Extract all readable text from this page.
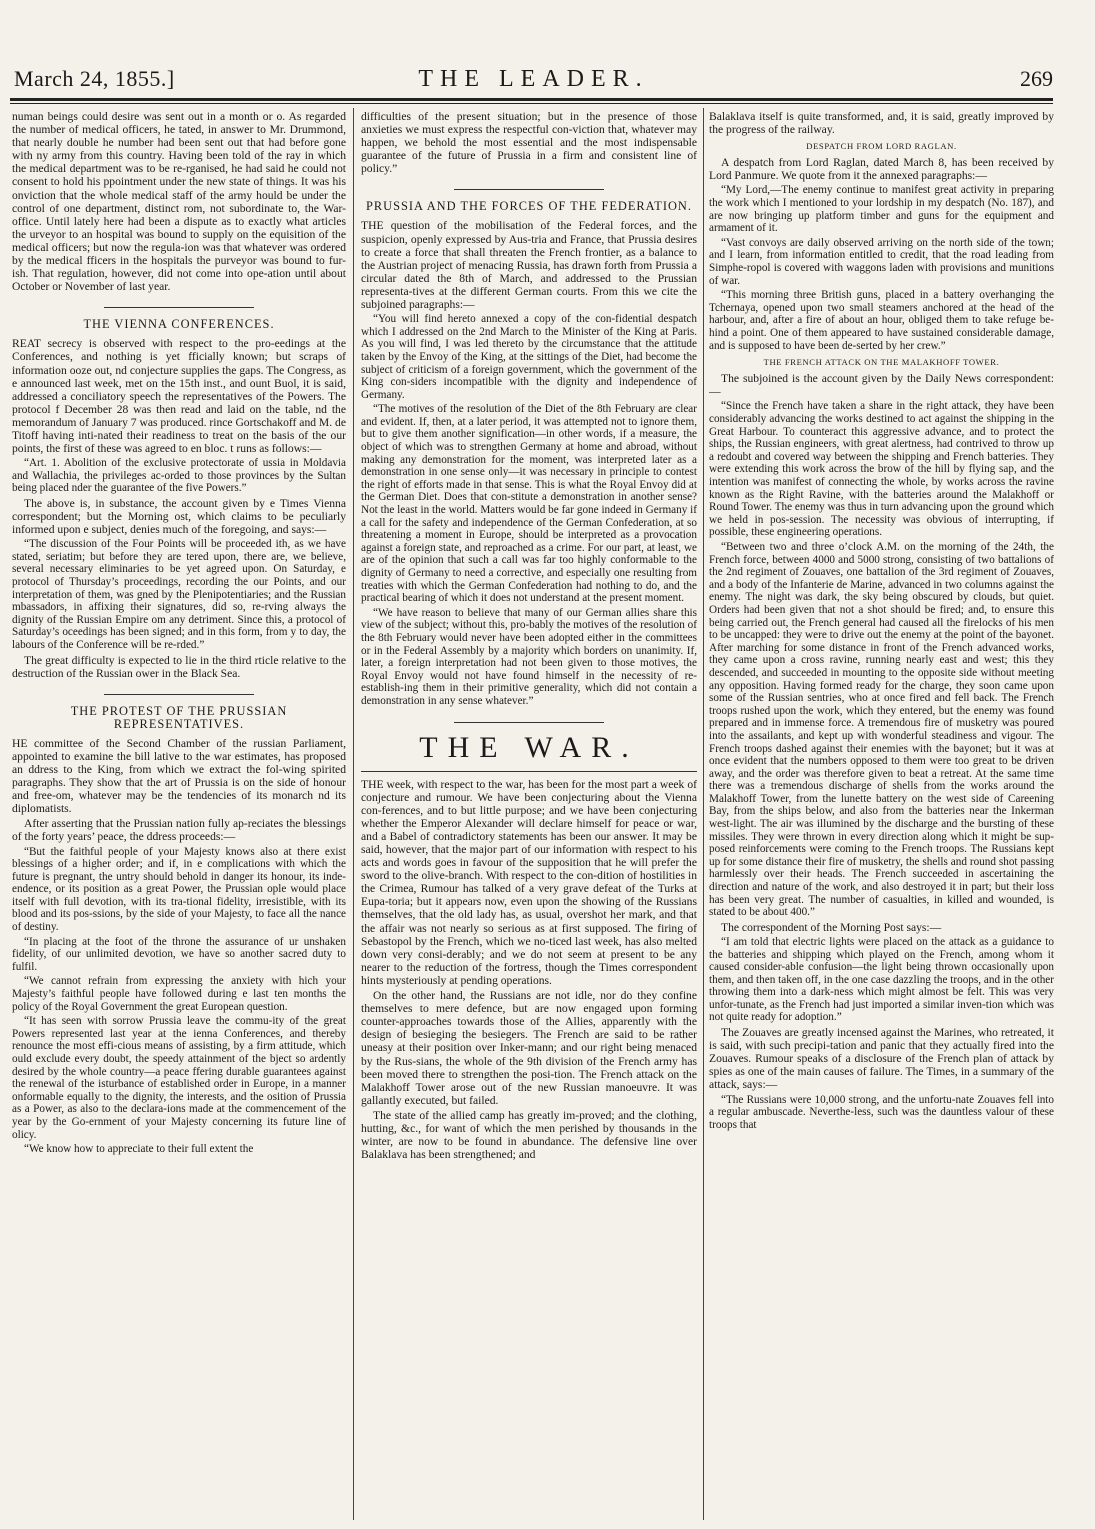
March 24, 1855.]	THE LEADER.	269

numan beings could desire was sent out in a month or o. As regarded the number of medical officers, he tated, in answer to Mr. Drummond, that nearly double he number had been sent out that had before gone with ny army from this country. Having been told of the ray in which the medical department was to be re-rganised, he had said he could not consent to hold his ppointment under the new state of things. It was his onviction that the whole medical staff of the army hould be under the control of one department, distinct rom, not subordinate to, the War-office. Until lately here had been a dispute as to exactly what articles the urveyor to an hospital was bound to supply on the equisition of the medical officers; but now the regula-ion was that whatever was ordered by the medical fficers in the hospitals the purveyor was bound to fur-ish. That regulation, however, did not come into ope-ation until about October or November of last year.

THE VIENNA CONFERENCES.

REAT secrecy is observed with respect to the pro-eedings at the Conferences, and nothing is yet fficially known; but scraps of information ooze out, nd conjecture supplies the gaps. The Congress, as e announced last week, met on the 15th inst., and ount Buol, it is said, addressed a conciliatory speech the representatives of the Powers. The protocol f December 28 was then read and laid on the table, nd the memorandum of January 7 was produced. rince Gortschakoff and M. de Titoff having inti-nated their readiness to treat on the basis of the our points, the first of these was agreed to en bloc. t runs as follows:—

“Art. 1. Abolition of the exclusive protectorate of ussia in Moldavia and Wallachia, the privileges ac-orded to those provinces by the Sultan being placed nder the guarantee of the five Powers.”

The above is, in substance, the account given by e Times Vienna correspondent; but the Morning ost, which claims to be peculiarly informed upon e subject, denies much of the foregoing, and says:—

“The discussion of the Four Points will be proceeded ith, as we have stated, seriatim; but before they are tered upon, there are, we believe, several necessary eliminaries to be yet agreed upon. On Saturday, e protocol of Thursday’s proceedings, recording the our Points, and our interpretation of them, was gned by the Plenipotentiaries; and the Russian mbassadors, in affixing their signatures, did so, re-rving always the dignity of the Russian Empire om any detriment. Since this, a protocol of Saturday’s oceedings has been signed; and in this form, from y to day, the labours of the Conference will be re-rded.”

The great difficulty is expected to lie in the third rticle relative to the destruction of the Russian ower in the Black Sea.

THE PROTEST OF THE PRUSSIAN REPRESENTATIVES.

HE committee of the Second Chamber of the russian Parliament, appointed to examine the bill lative to the war estimates, has proposed an ddress to the King, from which we extract the fol-wing spirited paragraphs. They show that the art of Prussia is on the side of honour and free-om, whatever may be the tendencies of its monarch nd its diplomatists.

After asserting that the Prussian nation fully ap-reciates the blessings of the forty years’ peace, the ddress proceeds:—

“But the faithful people of your Majesty knows also at there exist blessings of a higher order; and if, in e complications with which the future is pregnant, the untry should behold in danger its honour, its inde-endence, or its position as a great Power, the Prussian ople would place itself with full devotion, with its tra-tional fidelity, irresistible, with its blood and its pos-ssions, by the side of your Majesty, to face all the nance of destiny.

“In placing at the foot of the throne the assurance of ur unshaken fidelity, of our unlimited devotion, we have so another sacred duty to fulfil.

“We cannot refrain from expressing the anxiety with hich your Majesty’s faithful people have followed during e last ten months the policy of the Royal Government the great European question.

“It has seen with sorrow Prussia leave the commu-ity of the great Powers represented last year at the ienna Conferences, and thereby renounce the most effi-cious means of assisting, by a firm attitude, which ould exclude every doubt, the speedy attainment of the bject so ardently desired by the whole country—a peace ffering durable guarantees against the renewal of the isturbance of established order in Europe, in a manner onformable equally to the dignity, the interests, and the osition of Prussia as a Power, as also to the declara-ions made at the commencement of the year by the Go-ernment of your Majesty concerning its future line of olicy.

“We know how to appreciate to their full extent the

difficulties of the present situation; but in the presence of those anxieties we must express the respectful con-viction that, whatever may happen, we behold the most essential and the most indispensable guarantee of the future of Prussia in a firm and consistent line of policy.”

PRUSSIA AND THE FORCES OF THE FEDERATION.

THE question of the mobilisation of the Federal forces, and the suspicion, openly expressed by Aus-tria and France, that Prussia desires to create a force that shall threaten the French frontier, as a balance to the Austrian project of menacing Russia, has drawn forth from Prussia a circular dated the 8th of March, and addressed to the Prussian representa-tives at the different German courts. From this we cite the subjoined paragraphs:—

“You will find hereto annexed a copy of the con-fidential despatch which I addressed on the 2nd March to the Minister of the King at Paris. As you will find, I was led thereto by the circumstance that the attitude taken by the Envoy of the King, at the sittings of the Diet, had become the subject of criticism of a foreign government, which the government of the King con-siders incompatible with the dignity and independence of Germany.

“The motives of the resolution of the Diet of the 8th February are clear and evident. If, then, at a later period, it was attempted not to ignore them, but to give them another signification—in other words, if a measure, the object of which was to strengthen Germany at home and abroad, without making any demonstration for the moment, was interpreted later as a demonstration in one sense only—it was necessary in principle to contest the right of efforts made in that sense. This is what the Royal Envoy did at the German Diet. Does that con-stitute a demonstration in another sense? Not the least in the world. Matters would be far gone indeed in Germany if a call for the safety and independence of the German Confederation, at so threatening a moment in Europe, should be interpreted as a provocation against a foreign state, and reproached as a crime. For our part, at least, we are of the opinion that such a call was far too highly conformable to the dignity of Germany to need a corrective, and especially one resulting from treaties with which the German Confederation had nothing to do, and the practical bearing of which it does not understand at the present moment.

“We have reason to believe that many of our German allies share this view of the subject; without this, pro-bably the motives of the resolution of the 8th February would never have been adopted either in the committees or in the Federal Assembly by a majority which borders on unanimity. If, later, a foreign interpretation had not been given to those motives, the Royal Envoy would not have found himself in the necessity of re-establish-ing them in their primitive generality, which did not contain a demonstration in any sense whatever.”

THE WAR.

THE week, with respect to the war, has been for the most part a week of conjecture and rumour. We have been conjecturing about the Vienna con-ferences, and to but little purpose; and we have been conjecturing whether the Emperor Alexander will declare himself for peace or war, and a Babel of contradictory statements has been our answer. It may be said, however, that the major part of our information with respect to his acts and words goes in favour of the supposition that he will prefer the sword to the olive-branch. With respect to the con-dition of hostilities in the Crimea, Rumour has talked of a very grave defeat of the Turks at Eupa-toria; but it appears now, even upon the showing of the Russians themselves, that the old lady has, as usual, overshot her mark, and that the affair was not nearly so serious as at first supposed. The firing of Sebastopol by the French, which we no-ticed last week, has also melted down very consi-derably; and we do not seem at present to be any nearer to the reduction of the fortress, though the Times correspondent hints mysteriously at pending operations.

On the other hand, the Russians are not idle, nor do they confine themselves to mere defence, but are now engaged upon forming counter-approaches towards those of the Allies, apparently with the design of besieging the besiegers. The French are said to be rather uneasy at their position over Inker-mann; and our right being menaced by the Rus-sians, the whole of the 9th division of the French army has been moved there to strengthen the posi-tion. The French attack on the Malakhoff Tower arose out of the new Russian manoeuvre. It was gallantly executed, but failed.

The state of the allied camp has greatly im-proved; and the clothing, hutting, &c., for want of which the men perished by thousands in the winter, are now to be found in abundance. The defensive line over Balaklava has been strengthened; and

Balaklava itself is quite transformed, and, it is said, greatly improved by the progress of the railway.

DESPATCH FROM LORD RAGLAN.

A despatch from Lord Raglan, dated March 8, has been received by Lord Panmure. We quote from it the annexed paragraphs:—

“My Lord,—The enemy continue to manifest great activity in preparing the work which I mentioned to your lordship in my despatch (No. 187), and are now bringing up platform timber and guns for the equipment and armament of it.

“Vast convoys are daily observed arriving on the north side of the town; and I learn, from information entitled to credit, that the road leading from Simphe-ropol is covered with waggons laden with provisions and munitions of war.

“This morning three British guns, placed in a battery overhanging the Tchernaya, opened upon two small steamers anchored at the head of the harbour, and, after a fire of about an hour, obliged them to take refuge be-hind a point. One of them appeared to have sustained considerable damage, and is supposed to have been de-serted by her crew.”

THE FRENCH ATTACK ON THE MALAKHOFF TOWER.

The subjoined is the account given by the Daily News correspondent:—

“Since the French have taken a share in the right attack, they have been considerably advancing the works destined to act against the shipping in the Great Harbour. To counteract this aggressive advance, and to protect the ships, the Russian engineers, with great alertness, had contrived to throw up a redoubt and covered way between the shipping and French batteries. They were extending this work across the brow of the hill by flying sap, and the intention was manifest of connecting the whole, by works across the ravine known as the Right Ravine, with the batteries around the Malakhoff or Round Tower. The enemy was thus in turn advancing upon the ground which we held in pos-session. The necessity was obvious of interrupting, if possible, these engineering operations.

“Between two and three o’clock A.M. on the morning of the 24th, the French force, between 4000 and 5000 strong, consisting of two battalions of the 2nd regiment of Zouaves, one battalion of the 3rd regiment of Zouaves, and a body of the Infanterie de Marine, advanced in two columns against the enemy. The night was dark, the sky being obscured by clouds, but quiet. Orders had been given that not a shot should be fired; and, to ensure this being carried out, the French general had caused all the firelocks of his men to be uncapped: they were to drive out the enemy at the point of the bayonet. After marching for some distance in front of the French advanced works, they came upon a cross ravine, running nearly east and west; this they descended, and succeeded in mounting to the opposite side without meeting any opposition. Having formed ready for the charge, they soon came upon some of the Russian sentries, who at once fired and fell back. The French troops rushed upon the work, which they entered, but the enemy was found prepared and in immense force. A tremendous fire of musketry was poured into the assailants, and kept up with wonderful steadiness and vigour. The French troops dashed against their enemies with the bayonet; but it was at once evident that the numbers opposed to them were too great to be driven away, and the order was therefore given to beat a retreat. At the same time there was a tremendous discharge of shells from the works around the Malakhoff Tower, from the lunette battery on the west side of Careening Bay, from the ships below, and also from the batteries near the Inkerman west-light. The air was illumined by the discharge and the bursting of these missiles. They were thrown in every direction along which it might be sup-posed reinforcements were coming to the French troops. The Russians kept up for some distance their fire of musketry, the shells and round shot passing harmlessly over their heads. The French succeeded in ascertaining the direction and nature of the work, and also destroyed it in part; but their loss has been very great. The number of casualties, in killed and wounded, is stated to be about 400.”

The correspondent of the Morning Post says:—

“I am told that electric lights were placed on the attack as a guidance to the batteries and shipping which played on the French, among whom it caused consider-able confusion—the light being thrown occasionally upon them, and then taken off, in the one case dazzling the troops, and in the other throwing them into a dark-ness which might almost be felt. This was very unfor-tunate, as the French had just imported a similar inven-tion which was not quite ready for adoption.”

The Zouaves are greatly incensed against the Marines, who retreated, it is said, with such precipi-tation and panic that they actually fired into the Zouaves. Rumour speaks of a disclosure of the French plan of attack by spies as one of the main causes of failure. The Times, in a summary of the attack, says:—

“The Russians were 10,000 strong, and the unfortu-nate Zouaves fell into a regular ambuscade. Neverthe-less, such was the dauntless valour of these troops that
